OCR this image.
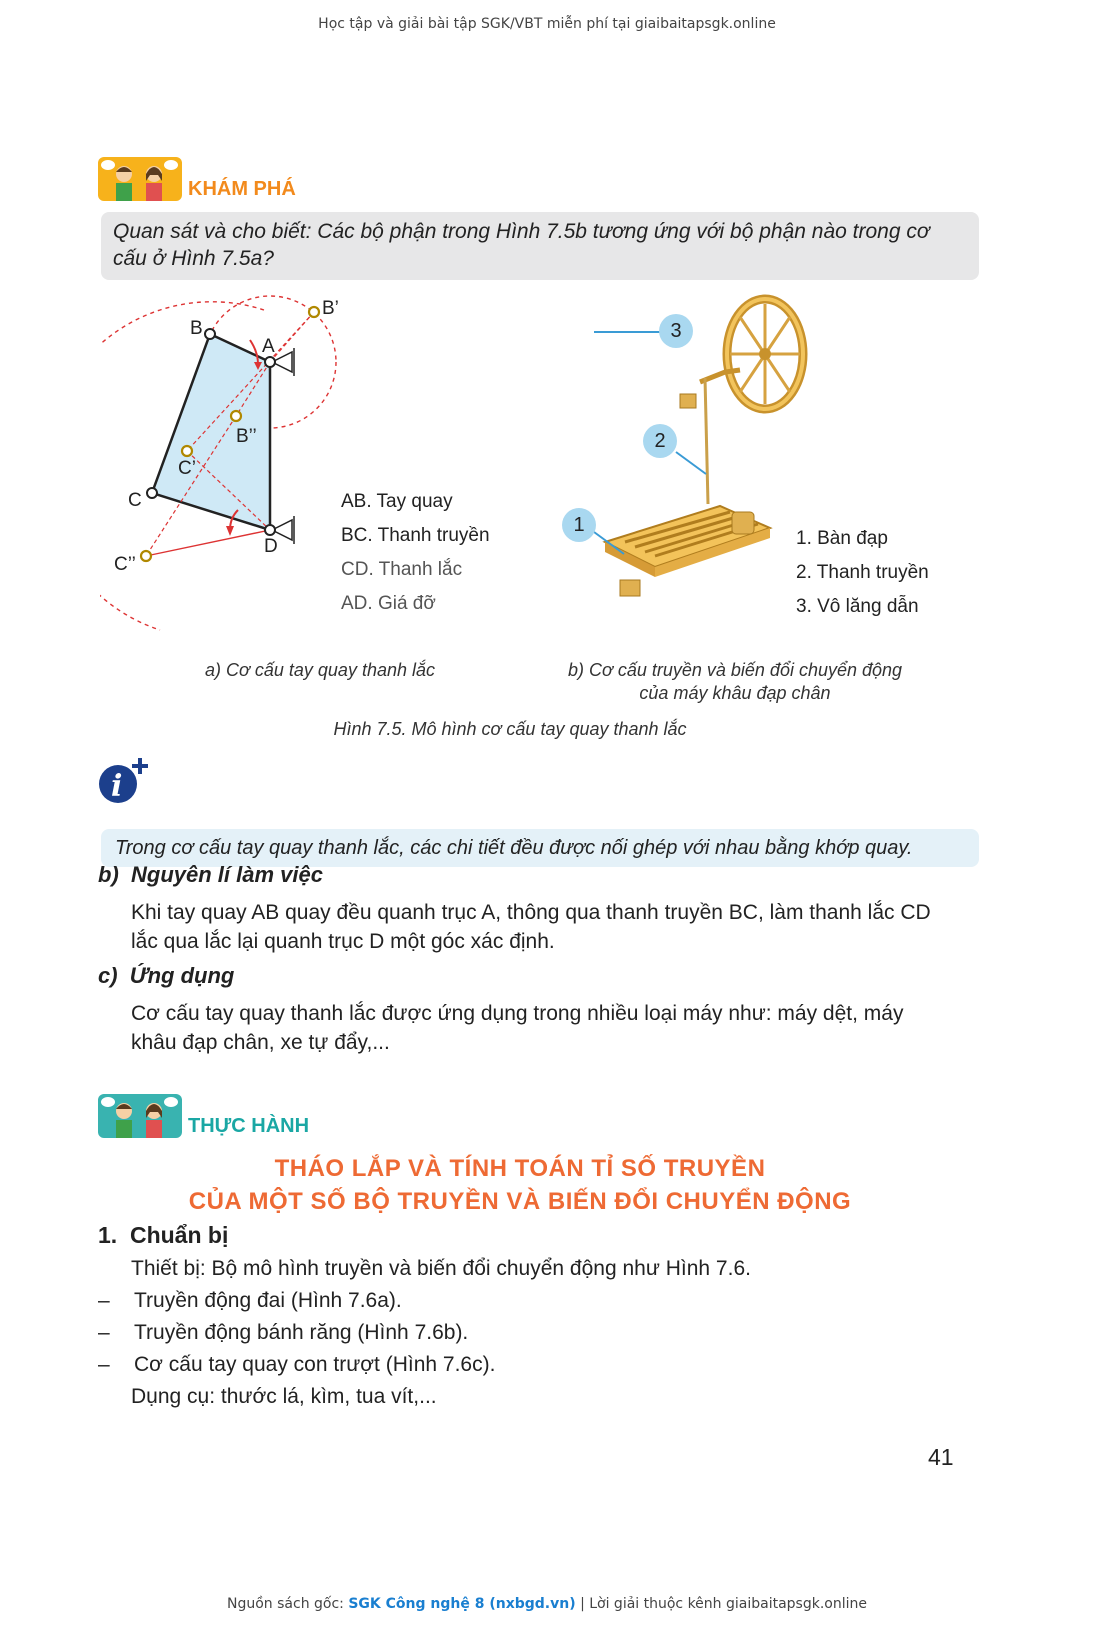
Học tập và giải bài tập SGK/VBT miễn phí tại giaibaitapsgk.online
KHÁM PHÁ
Quan sát và cho biết: Các bộ phận trong Hình 7.5b tương ứng với bộ phận nào trong cơ cấu ở Hình 7.5a?
B
A
B’
B’’
C’
C
D
C’’
AB. Tay quay
BC. Thanh truyền
CD. Thanh lắc
AD. Giá đỡ
3
2
1
1. Bàn đạp
2. Thanh truyền
3. Vô lăng dẫn
a) Cơ cấu tay quay thanh lắc	b) Cơ cấu truyền và biến đổi chuyển động
của máy khâu đạp chân
Hình 7.5. Mô hình cơ cấu tay quay thanh lắc
i
Trong cơ cấu tay quay thanh lắc, các chi tiết đều được nối ghép với nhau bằng khớp quay.
b) Nguyên lí làm việc
Khi tay quay AB quay đều quanh trục A, thông qua thanh truyền BC, làm thanh lắc CD lắc qua lắc lại quanh trục D một góc xác định.
c) Ứng dụng
Cơ cấu tay quay thanh lắc được ứng dụng trong nhiều loại máy như: máy dệt, máy khâu đạp chân, xe tự đẩy,...
THỰC HÀNH
THÁO LẮP VÀ TÍNH TOÁN TỈ SỐ TRUYỀN
CỦA MỘT SỐ BỘ TRUYỀN VÀ BIẾN ĐỔI CHUYỂN ĐỘNG
1. Chuẩn bị
Thiết bị: Bộ mô hình truyền và biến đổi chuyển động như Hình 7.6.
–	Truyền động đai (Hình 7.6a).
–	Truyền động bánh răng (Hình 7.6b).
–	Cơ cấu tay quay con trượt (Hình 7.6c).
Dụng cụ: thước lá, kìm, tua vít,...
41
Nguồn sách gốc: SGK Công nghệ 8 (nxbgd.vn) | Lời giải thuộc kênh giaibaitapsgk.online
